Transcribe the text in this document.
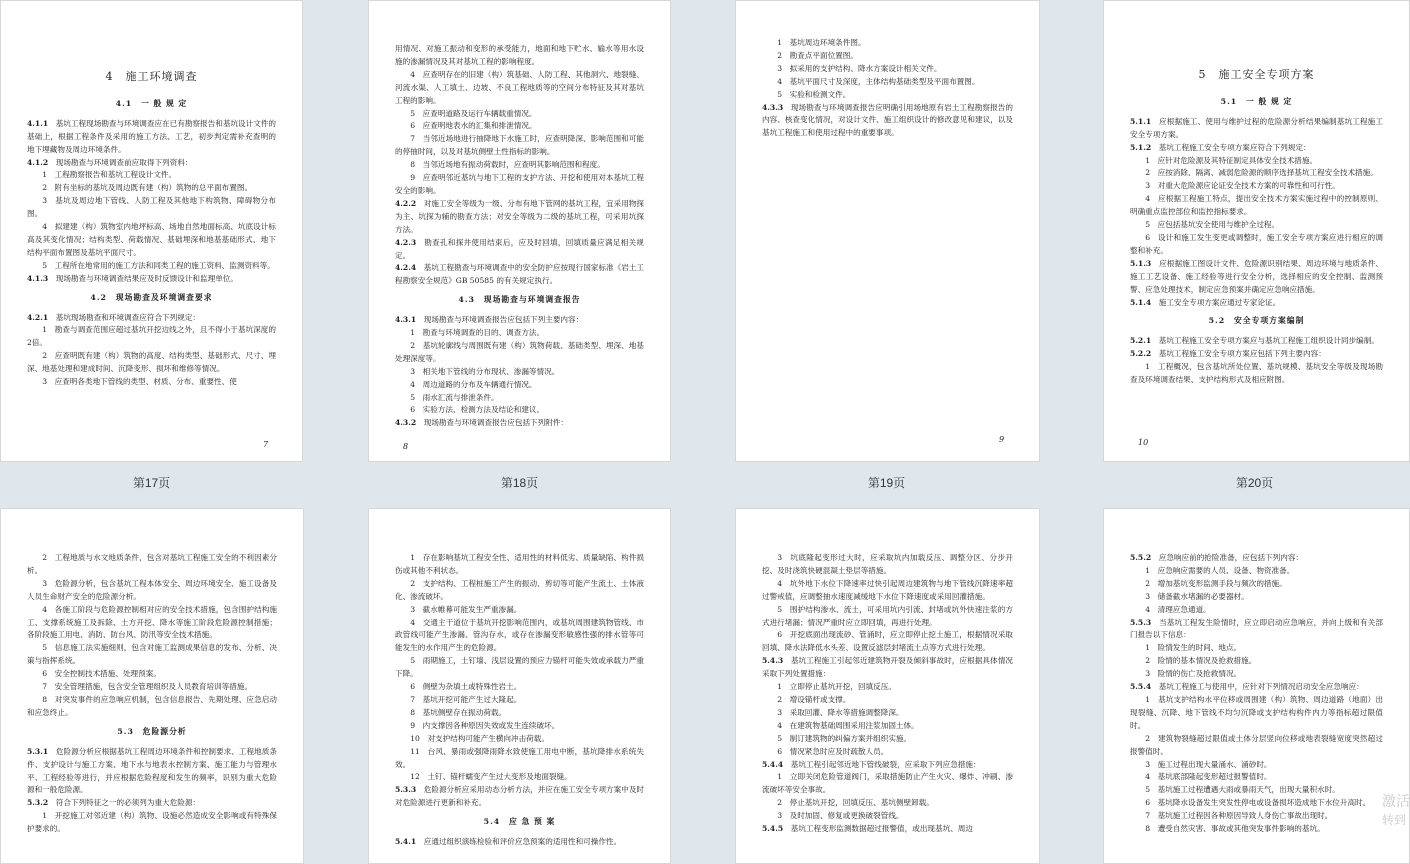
4　施工环境调查
4.1　一 般 规 定

4.1.1　 基坑工程现场勘查与环境调查应在已有勘察报告和基坑设计文件的基础上，根据工程条件及采用的施工方法、工艺，初步判定需补充查明的地下埋藏物及周边环境条件。

4.1.2　 现场勘查与环境调查前应取得下列资料：

1　工程勘察报告和基坑工程设计文件。

2　附有坐标的基坑及周边既有建（构）筑物的总平面布置图。

3　基坑及周边地下管线、人防工程及其他地下构筑物、障碍物分布图。

4　拟建建（构）筑物室内地坪标高、场地自然地面标高、坑底设计标高及其变化情况；结构类型、荷载情况、基础埋深和地基基础形式、地下结构平面布置图及基坑平面尺寸。

5　工程所在地常用的施工方法和同类工程的施工资料、监测资料等。

4.1.3　 现场勘查与环境调查结果应及时反馈设计和监理单位。

4.2　现场勘查及环境调查要求

4.2.1　 基坑现场勘查和环境调查应符合下列规定：

1　勘查与调查范围应超过基坑开挖边线之外，且不得小于基坑深度的2倍。

2　应查明既有建（构）筑物的高度、结构类型、基础形式、尺寸、埋深、地基处理和建成时间、沉降变形、损坏和维修等情况。

3　应查明各类地下管线的类型、材质、分布、重要性、使

7

用情况、对施工振动和变形的承受能力，地面和地下贮水、输水等用水设施的渗漏情况及其对基坑工程的影响程度。

4　应查明存在的旧建（构）筑基础、人防工程、其他洞穴、地裂缝、河流水渠、人工填土、边坡、不良工程地质等的空间分布特征及其对基坑工程的影响。

5　应查明道路及运行车辆载重情况。

6　应查明地表水的汇集和排泄情况。

7　当邻近场地进行抽降地下水施工时，应查明降深、影响范围和可能的停抽时间，以及对基坑侧壁土性指标的影响。

8　当邻近场地有振动荷载时，应查明其影响范围和程度。

9　应查明邻近基坑与地下工程的支护方法、开挖和使用对本基坑工程安全的影响。

4.2.2　 对施工安全等级为一级、分布有地下管网的基坑工程，宜采用物探为主、坑探为辅的勘查方法；对安全等级为二级的基坑工程，可采用坑探方法。

4.2.3　 勘查孔和探井使用结束后，应及时回填，回填质量应满足相关规定。

4.2.4　 基坑工程勘查与环境调查中的安全防护应按现行国家标准《岩土工程勘察安全规范》GB 50585 的有关规定执行。

4.3　现场勘查与环境调查报告

4.3.1　 现场勘查与环境调查报告应包括下列主要内容：

1　勘查与环境调查的目的、调查方法。

2　基坑轮廓线与周围既有建（构）筑物荷载、基础类型、埋深、地基处理深度等。

3　相关地下管线的分布现状、渗漏等情况。

4　周边道路的分布及车辆通行情况。

5　雨水汇流与排泄条件。

6　实验方法、检测方法及结论和建议。

4.3.2　 现场勘查与环境调查报告应包括下列附件：

8

1　基坑周边环境条件图。

2　勘查点平面位置图。

3　拟采用的支护结构、降水方案设计相关文件。

4　基坑平面尺寸及深度，主体结构基础类型及平面布置图。

5　实验和检测文件。

4.3.3　 现场勘查与环境调查报告应明确引用场地原有岩土工程勘察报告的内容、核查变化情况，对设计文件、施工组织设计的修改意见和建议，以及基坑工程施工和使用过程中的重要事项。

9
5　施工安全专项方案
5.1　一 般 规 定

5.1.1　 应根据施工、使用与维护过程的危险源分析结果编制基坑工程施工安全专项方案。

5.1.2　 基坑工程施工安全专项方案应符合下列规定：

1　应针对危险源及其特征制定具体安全技术措施。

2　应按消除、隔离、减弱危险源的顺序选择基坑工程安全技术措施。

3　对重大危险源应论证安全技术方案的可靠性和可行性。

4　应根据工程施工特点，提出安全技术方案实施过程中的控制原则、明确重点监控部位和监控指标要求。

5　应包括基坑安全使用与维护全过程。

6　设计和施工发生变更或调整时，施工安全专项方案应进行相应的调整和补充。

5.1.3　 应根据施工图设计文件、危险源识别结果、周边环境与地质条件、施工工艺设备、施工经验等进行安全分析，选择相应的安全控制、监测预警、应急处理技术，制定应急预案并确定应急响应措施。

5.1.4　 施工安全专项方案应通过专家论证。

5.2　安全专项方案编制

5.2.1　 基坑工程施工安全专项方案应与基坑工程施工组织设计同步编制。

5.2.2　 基坑工程施工安全专项方案应包括下列主要内容：

1　工程概况，包含基坑所处位置、基坑规模、基坑安全等级及现场勘查及环境调查结果、支护结构形式及相应附图。

10
第17页	第18页	第19页	第20页

2　工程地质与水文地质条件，包含对基坑工程施工安全的不利因素分析。

3　危险源分析，包含基坑工程本体安全、周边环境安全、施工设备及人员生命财产安全的危险源分析。

4　各施工阶段与危险源控制相对应的安全技术措施，包含围护结构施工、支撑系统施工及拆除、土方开挖、降水等施工阶段危险源控制措施；各阶段施工用电、消防、防台风、防汛等安全技术措施。

5　信息施工法实施细则，包含对施工监测成果信息的发布、分析、决策与指挥系统。

6　安全控制技术措施、处理预案。

7　安全管理措施，包含安全管理组织及人员教育培训等措施。

8　对突发事件的应急响应机制，包含信息报告、先期处理、应急启动和应急终止。

5.3　危险源分析

5.3.1　 危险源分析应根据基坑工程周边环境条件和控制要求、工程地质条件、支护设计与施工方案、地下水与地表水控制方案、施工能力与管理水平、工程经验等进行，并应根据危险程度和发生的频率，识别为重大危险源和一般危险源。

5.3.2　 符合下列特征之一的必须列为重大危险源：

1　开挖施工对邻近建（构）筑物、设施必然造成安全影响或有特殊保护要求的。

1　存在影响基坑工程安全性、适用性的材料低劣、质量缺陷、构件损伤或其他不利状态。

2　支护结构、工程桩施工产生的振动、剪切等可能产生流土、土体液化、渗流破坏。

3　截水帷幕可能发生严重渗漏。

4　交通主干道位于基坑开挖影响范围内，或基坑周围建筑物管线、市政管线可能产生渗漏、管沟存水，或存在渗漏变形敏感性强的排水管等可能发生的水作用产生的危险源。

5　雨期施工，土钉墙、浅层设置的预应力锚杆可能失效或承载力严重下降。

6　侧壁为杂填土或特殊性岩土。

7　基坑开挖可能产生过大隆起。

8　基坑侧壁存在振动荷载。

9　内支撑因各种原因失效或发生连续破坏。

10　对支护结构可能产生横向冲击荷载。

11　台风、暴雨或强降雨降水致使施工用电中断，基坑降排水系统失效。

12　土钉、锚杆蠕变产生过大变形及地面裂缝。

5.3.3　 危险源分析应采用动态分析方法，并应在施工安全专项方案中及时对危险源进行更新和补充。

5.4　应 急 预 案

5.4.1　 应通过组织演练检验和评价应急预案的适用性和可操作性。

3　坑底隆起变形过大时，应采取坑内加载反压、调整分区、分步开挖、及时浇筑快硬混凝土垫层等措施。

4　坑外地下水位下降速率过快引起周边建筑物与地下管线沉降速率超过警戒值，应调整抽水速度减缓地下水位下降速度或采用回灌措施。

5　围护结构渗水、流土，可采用坑内引流、封堵或坑外快速注浆的方式进行堵漏；情况严重时应立即回填，再进行处理。

6　开挖底面出现流砂、管涌时，应立即停止挖土施工，根据情况采取回填、降水法降低水头差、设置反滤层封堵流土点等方式进行处理。

5.4.3　 基坑工程施工引起邻近建筑物开裂及倾斜事故时，应根据具体情况采取下列处置措施：

1　立即停止基坑开挖，回填反压。

2　增设锚杆或支撑。

3　采取回灌、降水等措施调整降深。

4　在建筑物基础周围采用注浆加固土体。

5　制订建筑物的纠偏方案并组织实施。

6　情况紧急时应及时疏散人员。

5.4.4　 基坑工程引起邻近地下管线破裂，应采取下列应急措施：

1　立即关闭危险管道阀门，采取措施防止产生火灾、爆炸、冲刷、渗流破坏等安全事故。

2　停止基坑开挖，回填反压、基坑侧壁卸载。

3　及时加固、修复或更换破裂管线。

5.4.5　 基坑工程变形监测数据超过报警值，或出现基坑、周边

5.5.2　 应急响应前的抢险准备，应包括下列内容：

1　应急响应需要的人员、设备、物资准备。

2　增加基坑变形监测手段与频次的措施。

3　储备截水堵漏的必要器材。

4　清理应急通道。

5.5.3　 当基坑工程发生险情时，应立即启动应急响应，并向上级和有关部门报告以下信息：

1　险情发生的时间、地点。

2　险情的基本情况及抢救措施。

3　险情的伤亡及抢救情况。

5.5.4　 基坑工程施工与使用中，应针对下列情况启动安全应急响应：

1　基坑支护结构水平位移或周围建（构）筑物、周边道路（地面）出现裂缝、沉降、地下管线不均匀沉降或支护结构构件内力等指标超过限值时。

2　建筑物裂缝超过限值或土体分层竖向位移或地表裂缝宽度突然超过报警值时。

3　施工过程出现大量涌水、涌砂时。

4　基坑底部隆起变形超过报警值时。

5　基坑施工过程遭遇大雨或暴雨天气，出现大量积水时。

6　基坑降水设备发生突发性停电或设备损坏造成地下水位升高时。

7　基坑施工过程因各种原因导致人身伤亡事故出现时。

8　遭受自然灾害、事故或其他突发事件影响的基坑。

激活
转到
